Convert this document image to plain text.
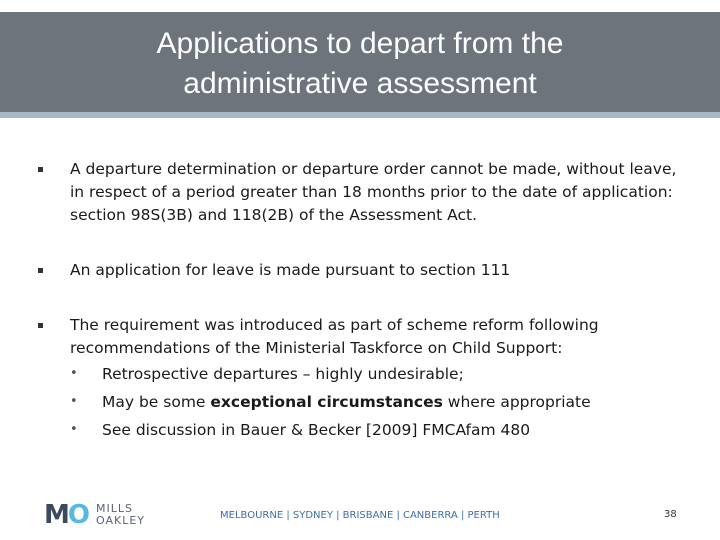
Applications to depart from the
administrative assessment
A departure determination or departure order cannot be made, without leave, in respect of a period greater than 18 months prior to the date of application: section 98S(3B) and 118(2B) of the Assessment Act.
An application for leave is made pursuant to section 111
The requirement was introduced as part of scheme reform following recommendations of the Ministerial Taskforce on Child Support:
• Retrospective departures – highly undesirable;
• May be some exceptional circumstances where appropriate
• See discussion in Bauer & Becker [2009] FMCAfam 480
MO MILLS
OAKLEY	MELBOURNE | SYDNEY | BRISBANE | CANBERRA | PERTH	38
